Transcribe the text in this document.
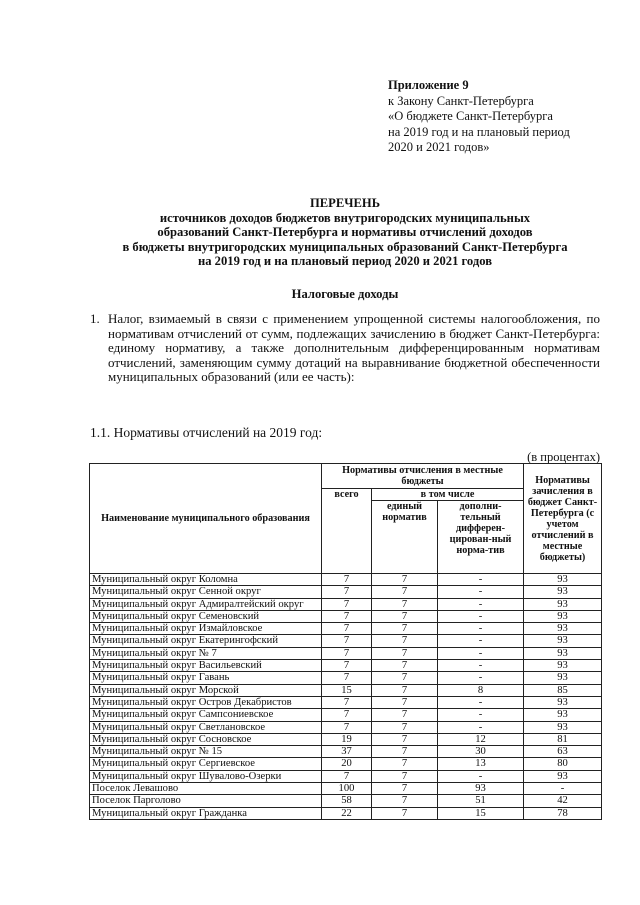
Приложение 9
к Закону Санкт-Петербурга
«О бюджете Санкт-Петербурга
на 2019 год и на плановый период
2020 и 2021 годов»
ПЕРЕЧЕНЬ
источников доходов бюджетов внутригородских муниципальных
образований Санкт-Петербурга и нормативы отчислений доходов
в бюджеты внутригородских муниципальных образований Санкт-Петербурга
на 2019 год и на плановый период 2020 и 2021 годов
Налоговые доходы
1. Налог, взимаемый в связи с применением упрощенной системы налогообложения, по нормативам отчислений от сумм, подлежащих зачислению в бюджет Санкт-Петербурга: единому нормативу, а также дополнительным дифференцированным нормативам отчислений, заменяющим сумму дотаций на выравнивание бюджетной обеспеченности муниципальных образований (или ее часть):
1.1. Нормативы отчислений на 2019 год:
(в процентах)
Наименование муниципального образования	Нормативы отчисления в местные бюджеты			Нормативы зачисления в бюджет Санкт-Петербурга (с учетом отчислений в местные бюджеты)
	всего	в том числе		
		единый норматив	дополни-тельный дифферен-цирован-ный норма-тив	
Муниципальный округ Коломна	7	7	-	93
Муниципальный округ Сенной округ	7	7	-	93
Муниципальный округ Адмиралтейский округ	7	7	-	93
Муниципальный округ Семеновский	7	7	-	93
Муниципальный округ Измайловское	7	7	-	93
Муниципальный округ Екатерингофский	7	7	-	93
Муниципальный округ № 7	7	7	-	93
Муниципальный округ Васильевский	7	7	-	93
Муниципальный округ Гавань	7	7	-	93
Муниципальный округ Морской	15	7	8	85
Муниципальный округ Остров Декабристов	7	7	-	93
Муниципальный округ Сампсониевское	7	7	-	93
Муниципальный округ Светлановское	7	7	-	93
Муниципальный округ Сосновское	19	7	12	81
Муниципальный округ № 15	37	7	30	63
Муниципальный округ Сергиевское	20	7	13	80
Муниципальный округ Шувалово-Озерки	7	7	-	93
Поселок Левашово	100	7	93	-
Поселок Парголово	58	7	51	42
Муниципальный округ Гражданка	22	7	15	78
